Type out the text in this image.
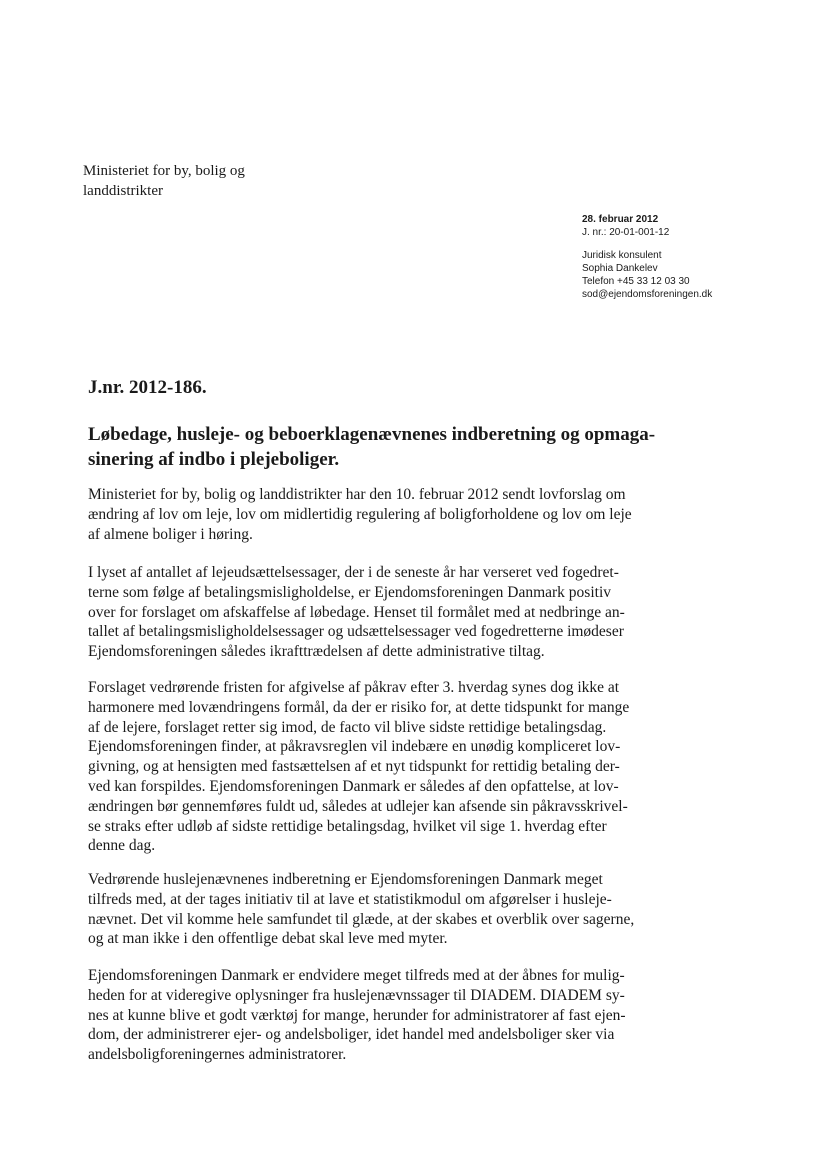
Ministeriet for by, bolig og
landdistrikter
28. februar 2012
J. nr.: 20-01-001-12
Juridisk konsulent
Sophia Dankelev
Telefon +45 33 12 03 30
sod@ejendomsforeningen.dk
J.nr. 2012-186.
Løbedage, husleje- og beboerklagenævnenes indberetning og opmaga-
sinering af indbo i plejeboliger.
Ministeriet for by, bolig og landdistrikter har den 10. februar 2012 sendt lovforslag om
ændring af lov om leje, lov om midlertidig regulering af boligforholdene og lov om leje
af almene boliger i høring.
I lyset af antallet af lejeudsættelsessager, der i de seneste år har verseret ved fogedret-
terne som følge af betalingsmisligholdelse, er Ejendomsforeningen Danmark positiv
over for forslaget om afskaffelse af løbedage. Henset til formålet med at nedbringe an-
tallet af betalingsmisligholdelsessager og udsættelsessager ved fogedretterne imødeser
Ejendomsforeningen således ikrafttrædelsen af dette administrative tiltag.
Forslaget vedrørende fristen for afgivelse af påkrav efter 3. hverdag synes dog ikke at
harmonere med lovændringens formål, da der er risiko for, at dette tidspunkt for mange
af de lejere, forslaget retter sig imod, de facto vil blive sidste rettidige betalingsdag.
Ejendomsforeningen finder, at påkravsreglen vil indebære en unødig kompliceret lov-
givning, og at hensigten med fastsættelsen af et nyt tidspunkt for rettidig betaling der-
ved kan forspildes. Ejendomsforeningen Danmark er således af den opfattelse, at lov-
ændringen bør gennemføres fuldt ud, således at udlejer kan afsende sin påkravsskrivel-
se straks efter udløb af sidste rettidige betalingsdag, hvilket vil sige 1. hverdag efter
denne dag.
Vedrørende huslejenævnenes indberetning er Ejendomsforeningen Danmark meget
tilfreds med, at der tages initiativ til at lave et statistikmodul om afgørelser i husleje-
nævnet. Det vil komme hele samfundet til glæde, at der skabes et overblik over sagerne,
og at man ikke i den offentlige debat skal leve med myter.
Ejendomsforeningen Danmark er endvidere meget tilfreds med at der åbnes for mulig-
heden for at videregive oplysninger fra huslejenævnssager til DIADEM. DIADEM sy-
nes at kunne blive et godt værktøj for mange, herunder for administratorer af fast ejen-
dom, der administrerer ejer- og andelsboliger, idet handel med andelsboliger sker via
andelsboligforeningernes administratorer.
